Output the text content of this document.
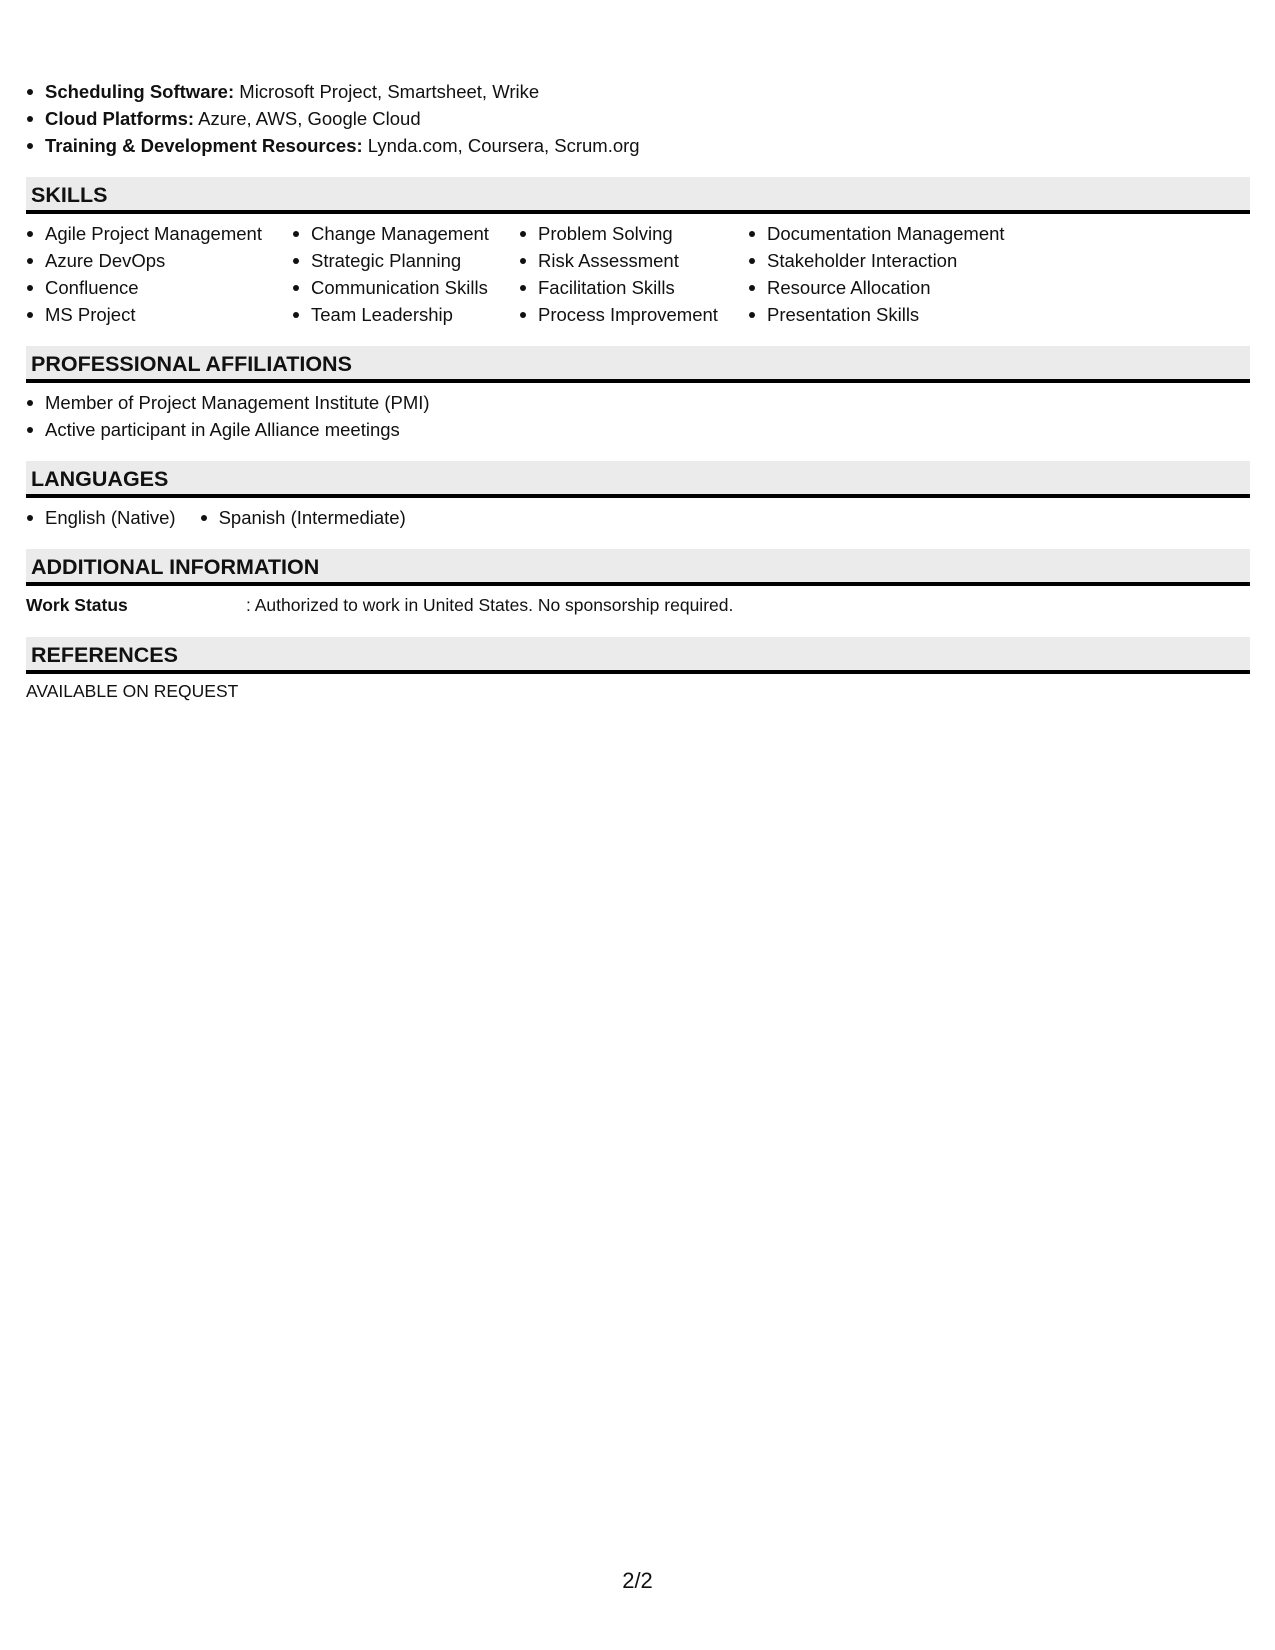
Scheduling Software: Microsoft Project, Smartsheet, Wrike
Cloud Platforms: Azure, AWS, Google Cloud
Training & Development Resources: Lynda.com, Coursera, Scrum.org
SKILLS
Agile Project Management
Azure DevOps
Confluence
MS Project
Change Management
Strategic Planning
Communication Skills
Team Leadership
Problem Solving
Risk Assessment
Facilitation Skills
Process Improvement
Documentation Management
Stakeholder Interaction
Resource Allocation
Presentation Skills
PROFESSIONAL AFFILIATIONS
Member of Project Management Institute (PMI)
Active participant in Agile Alliance meetings
LANGUAGES
English (Native)	Spanish (Intermediate)
ADDITIONAL INFORMATION
Work Status	: Authorized to work in United States. No sponsorship required.
REFERENCES
AVAILABLE ON REQUEST
2/2
